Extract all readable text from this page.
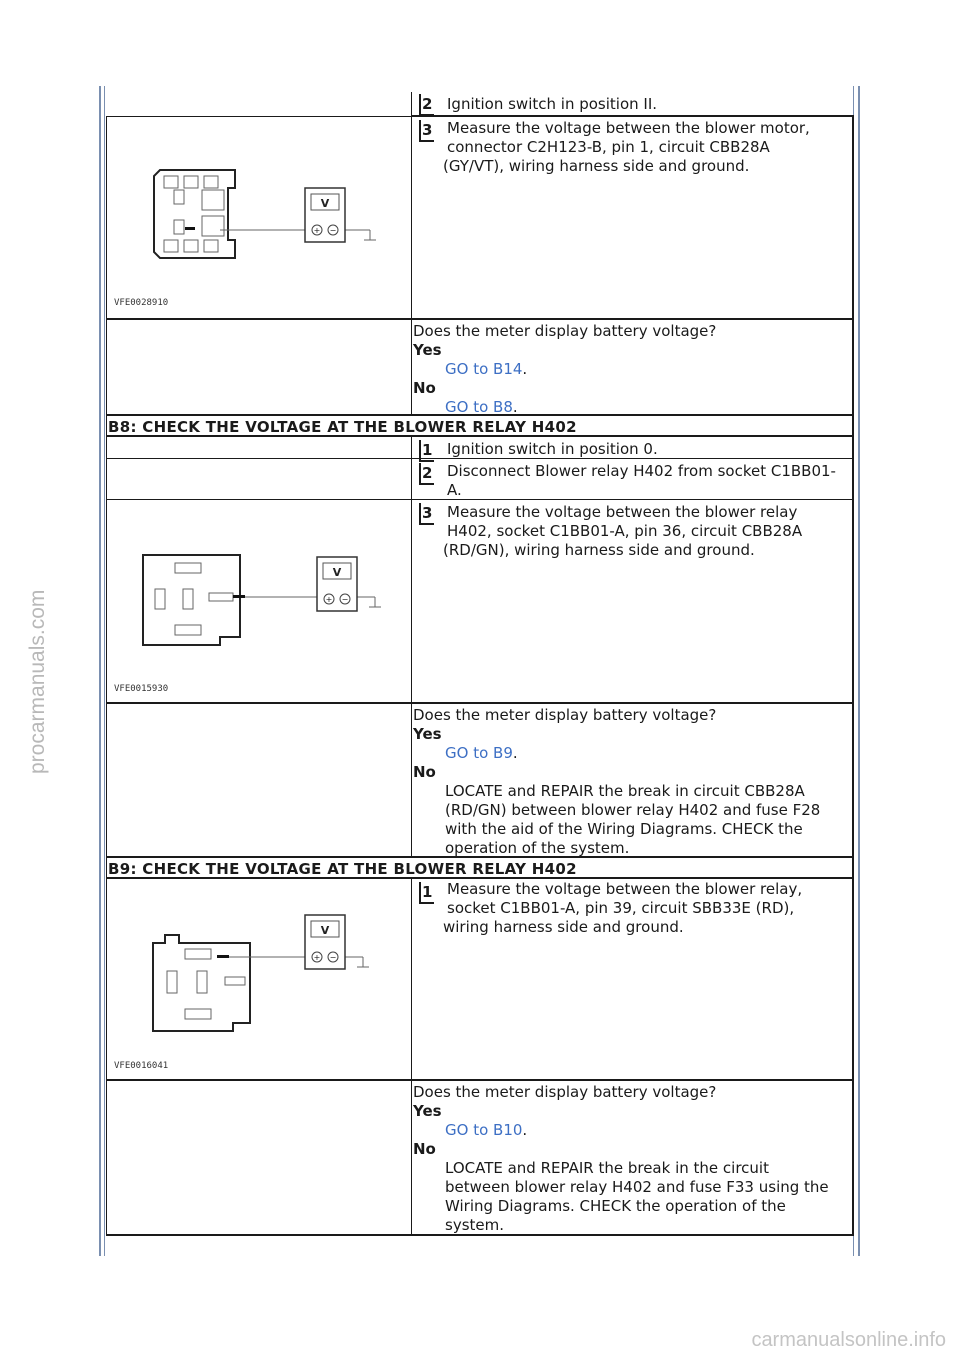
2 Ignition switch in position II.
3 Measure the voltage between the blower motor,
connector C2H123-B, pin 1, circuit CBB28A
(GY/VT), wiring harness side and ground.
V
+ −
VFE0028910
Does the meter display battery voltage?
Yes
GO to B14.
No
GO to B8.
B8: CHECK THE VOLTAGE AT THE BLOWER RELAY H402
1 Ignition switch in position 0.
2 Disconnect Blower relay H402 from socket C1BB01-
A.
3 Measure the voltage between the blower relay
H402, socket C1BB01-A, pin 36, circuit CBB28A
(RD/GN), wiring harness side and ground.
V
+ −
VFE0015930
Does the meter display battery voltage?
Yes
GO to B9.
No
LOCATE and REPAIR the break in circuit CBB28A
(RD/GN) between blower relay H402 and fuse F28
with the aid of the Wiring Diagrams. CHECK the
operation of the system.
B9: CHECK THE VOLTAGE AT THE BLOWER RELAY H402
1 Measure the voltage between the blower relay,
socket C1BB01-A, pin 39, circuit SBB33E (RD),
wiring harness side and ground.
V
+ −
VFE0016041
Does the meter display battery voltage?
Yes
GO to B10.
No
LOCATE and REPAIR the break in the circuit
between blower relay H402 and fuse F33 using the
Wiring Diagrams. CHECK the operation of the
system.
procarmanuals.com
carmanualsonline.info
